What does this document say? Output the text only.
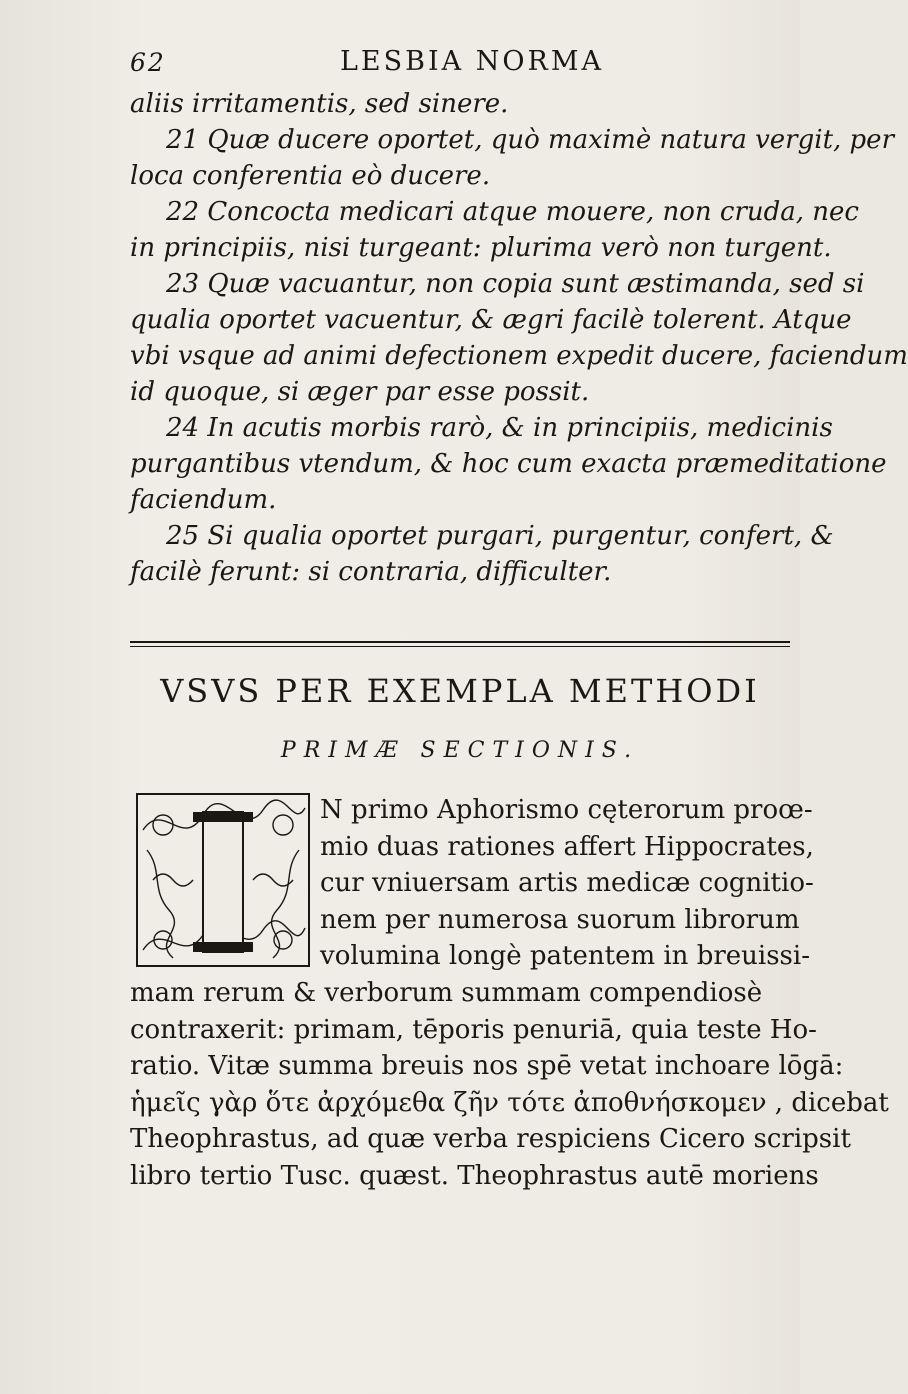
62	LESBIA NORMA
aliis irritamentis, sed sinere.
21 Quæ ducere oportet, quò maximè natura vergit, per
loca conferentia eò ducere.
22 Concocta medicari atque mouere, non cruda, nec
in principiis, nisi turgeant: plurima verò non turgent.
23 Quæ vacuantur, non copia sunt æstimanda, sed si
qualia oportet vacuentur, & ægri facilè tolerent. Atque
vbi vsque ad animi defectionem expedit ducere, faciendum
id quoque, si æger par esse possit.
24 In acutis morbis rarò, & in principiis, medicinis
purgantibus vtendum, & hoc cum exacta præmeditatione
faciendum.
25 Si qualia oportet purgari, purgentur, confert, &
facilè ferunt: si contraria, difficulter.
VSVS PER EXEMPLA METHODI
PRIMÆ SECTIONIS.
N primo Aphorismo cęterorum proœ-
mio duas rationes affert Hippocrates,
cur vniuersam artis medicæ cognitio-
nem per numerosa suorum librorum
volumina longè patentem in breuissi-
mam rerum & verborum summam compendiosè
contraxerit: primam, tēporis penuriā, quia teste Ho-
ratio. Vitæ summa breuis nos spē vetat inchoare lōgā:
ἡμεῖς γὰρ ὅτε ἀρχόμεθα ζῆν τότε ἀποθνήσκομεν , dicebat
Theophrastus, ad quæ verba respiciens Cicero scripsit
libro tertio Tusc. quæst. Theophrastus autē moriens
